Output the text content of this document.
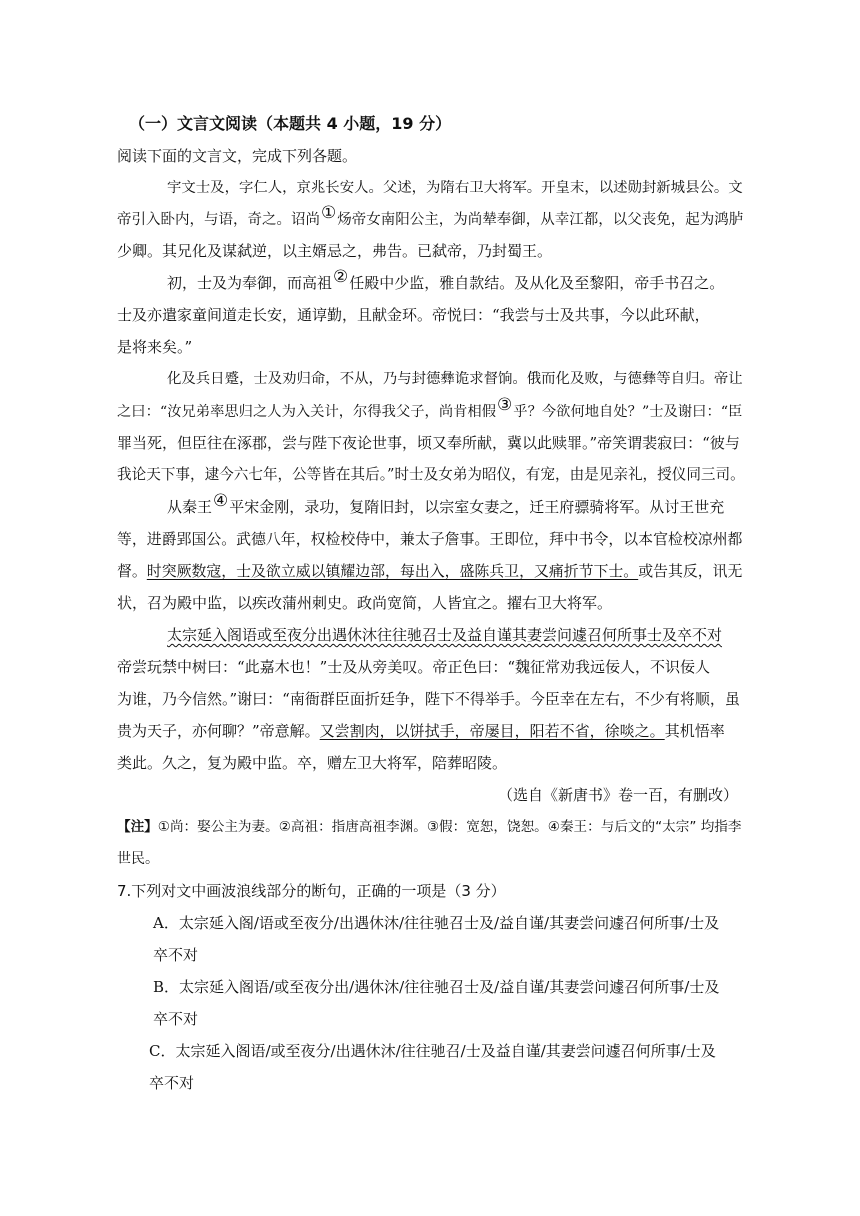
（一）文言文阅读（本题共 4 小题，19 分）
阅读下面的文言文，完成下列各题。
宇文士及，字仁人，京兆长安人。父述，为隋右卫大将军。开皇末，以述勋封新城县公。文
帝引入卧内，与语，奇之。诏尚①炀帝女南阳公主，为尚辇奉御，从幸江都，以父丧免，起为鸿胪
少卿。其兄化及谋弑逆，以主婿忌之，弗告。已弑帝，乃封蜀王。
初，士及为奉御，而高祖②任殿中少监，雅自款结。及从化及至黎阳，帝手书召之。
士及亦遣家童间道走长安，通谆勤，且献金环。帝悦曰：“我尝与士及共事，今以此环献，
是将来矣。”
化及兵日蹙，士及劝归命，不从，乃与封德彝诡求督饷。俄而化及败，与德彝等自归。帝让
之曰：“汝兄弟率思归之人为入关计，尔得我父子，尚肯相假③乎？今欲何地自处？”士及谢曰：“臣
罪当死，但臣往在涿郡，尝与陛下夜论世事，顷又奉所献，冀以此赎罪。”帝笑谓裴寂曰：“彼与
我论天下事，逮今六七年，公等皆在其后。”时士及女弟为昭仪，有宠，由是见亲礼，授仪同三司。
从秦王④平宋金刚，录功，复隋旧封，以宗室女妻之，迁王府骠骑将军。从讨王世充
等，进爵郢国公。武德八年，权检校侍中，兼太子詹事。王即位，拜中书令，以本官检校凉州都
督。时突厥数寇，士及欲立威以镇耀边部，每出入，盛陈兵卫，又痛折节下士。或告其反，讯无
状，召为殿中监，以疾改蒲州刺史。政尚宽简，人皆宜之。擢右卫大将军。
太宗延入阁语或至夜分出遇休沐往往驰召士及益自谨其妻尝问遽召何所事士及卒不对
帝尝玩禁中树曰：“此嘉木也！”士及从旁美叹。帝正色曰：“魏征常劝我远佞人，不识佞人
为谁，乃今信然。”谢曰：“南衙群臣面折廷争，陛下不得举手。今臣幸在左右，不少有将顺，虽
贵为天子，亦何聊？”帝意解。又尝割肉，以饼拭手，帝屡目，阳若不省，徐啖之。其机悟率
类此。久之，复为殿中监。卒，赠左卫大将军，陪葬昭陵。
（选自《新唐书》卷一百，有删改）
【注】①尚：娶公主为妻。②高祖：指唐高祖李渊。③假：宽恕，饶恕。④秦王：与后文的“太宗” 均指李
世民。
7.下列对文中画波浪线部分的断句，正确的一项是（3 分）
A．太宗延入阁/语或至夜分/出遇休沐/往往驰召士及/益自谨/其妻尝问遽召何所事/士及
卒不对
B．太宗延入阁语/或至夜分出/遇休沐/往往驰召士及/益自谨/其妻尝问遽召何所事/士及
卒不对
C．太宗延入阁语/或至夜分/出遇休沐/往往驰召/士及益自谨/其妻尝问遽召何所事/士及
卒不对
